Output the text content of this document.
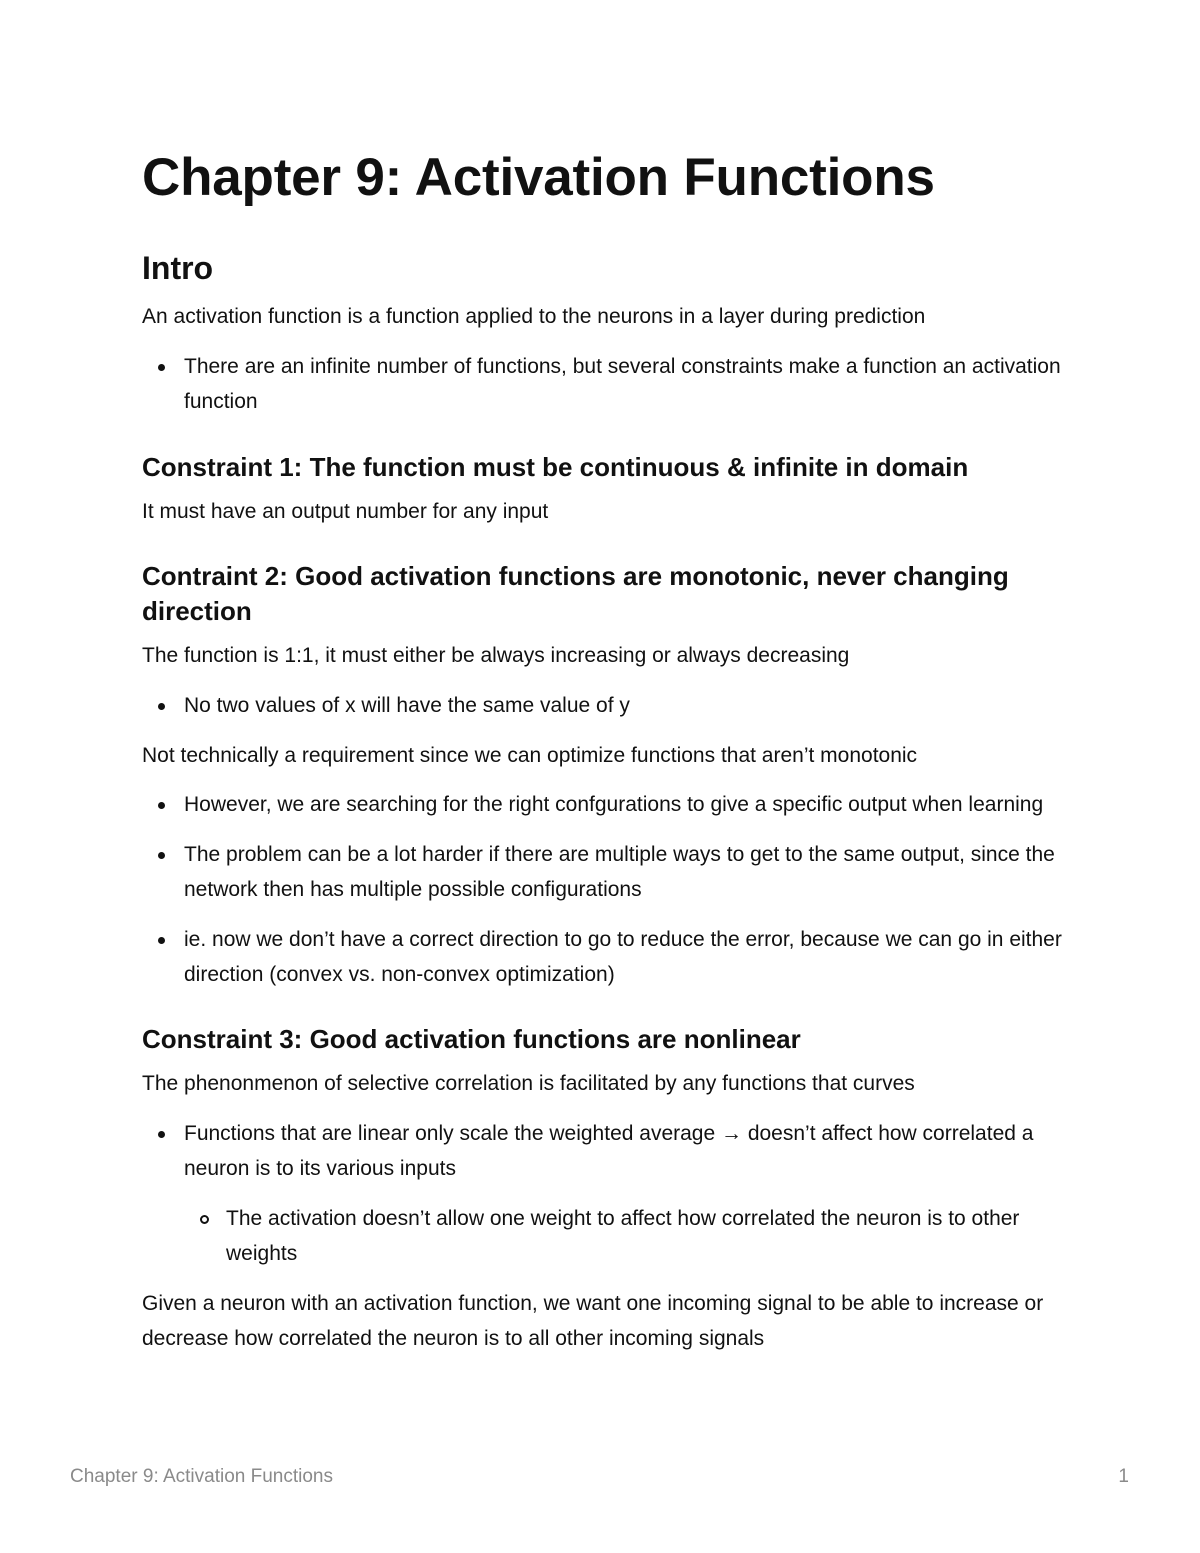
Chapter 9: Activation Functions
Intro

An activation function is a function applied to the neurons in a layer during prediction

There are an infinite number of functions, but several constraints make a function an activation function
Constraint 1: The function must be continuous & infinite in domain

It must have an output number for any input

Contraint 2: Good activation functions are monotonic, never changing direction

The function is 1:1, it must either be always increasing or always decreasing

No two values of x will have the same value of y

Not technically a requirement since we can optimize functions that aren’t monotonic

However, we are searching for the right confgurations to give a specific output when learning
The problem can be a lot harder if there are multiple ways to get to the same output, since the network then has multiple possible configurations
ie. now we don’t have a correct direction to go to reduce the error, because we can go in either direction (convex vs. non-convex optimization)
Constraint 3: Good activation functions are nonlinear

The phenonmenon of selective correlation is facilitated by any functions that curves

Functions that are linear only scale the weighted average → doesn’t affect how correlated a neuron is to its various inputs
The activation doesn’t allow one weight to affect how correlated the neuron is to other weights

Given a neuron with an activation function, we want one incoming signal to be able to increase or decrease how correlated the neuron is to all other incoming signals

Chapter 9: Activation Functions	1
